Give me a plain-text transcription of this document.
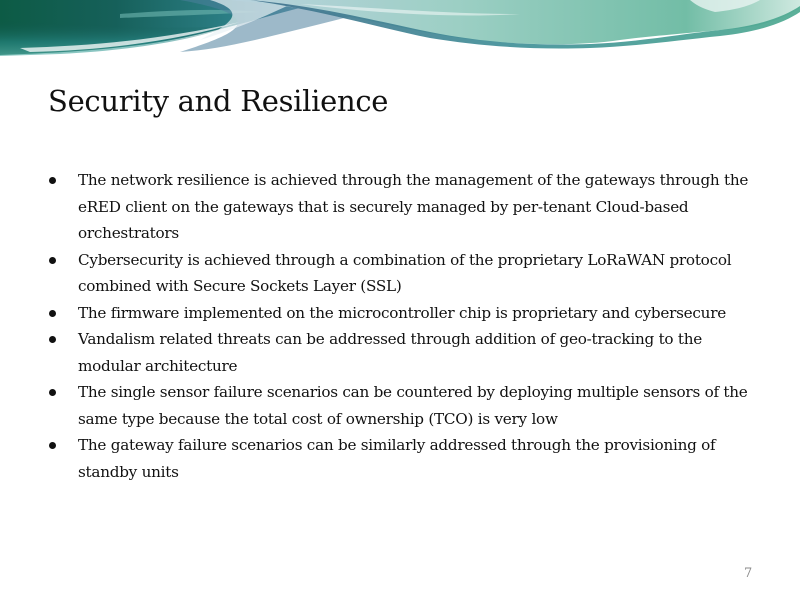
Security and Resilience
The network resilience is achieved through the management of the gateways through the eRED client on the gateways that is securely managed by per-tenant Cloud-based orchestrators
Cybersecurity is achieved through a combination of the proprietary LoRaWAN protocol combined with Secure Sockets Layer (SSL)
The firmware implemented on the microcontroller chip is proprietary and cybersecure
Vandalism related threats can be addressed through addition of geo-tracking to the modular architecture
The single sensor failure scenarios can be countered by deploying multiple sensors of the same type because the total cost of ownership (TCO) is very low
The gateway failure scenarios can be similarly addressed through the provisioning of standby units
7
